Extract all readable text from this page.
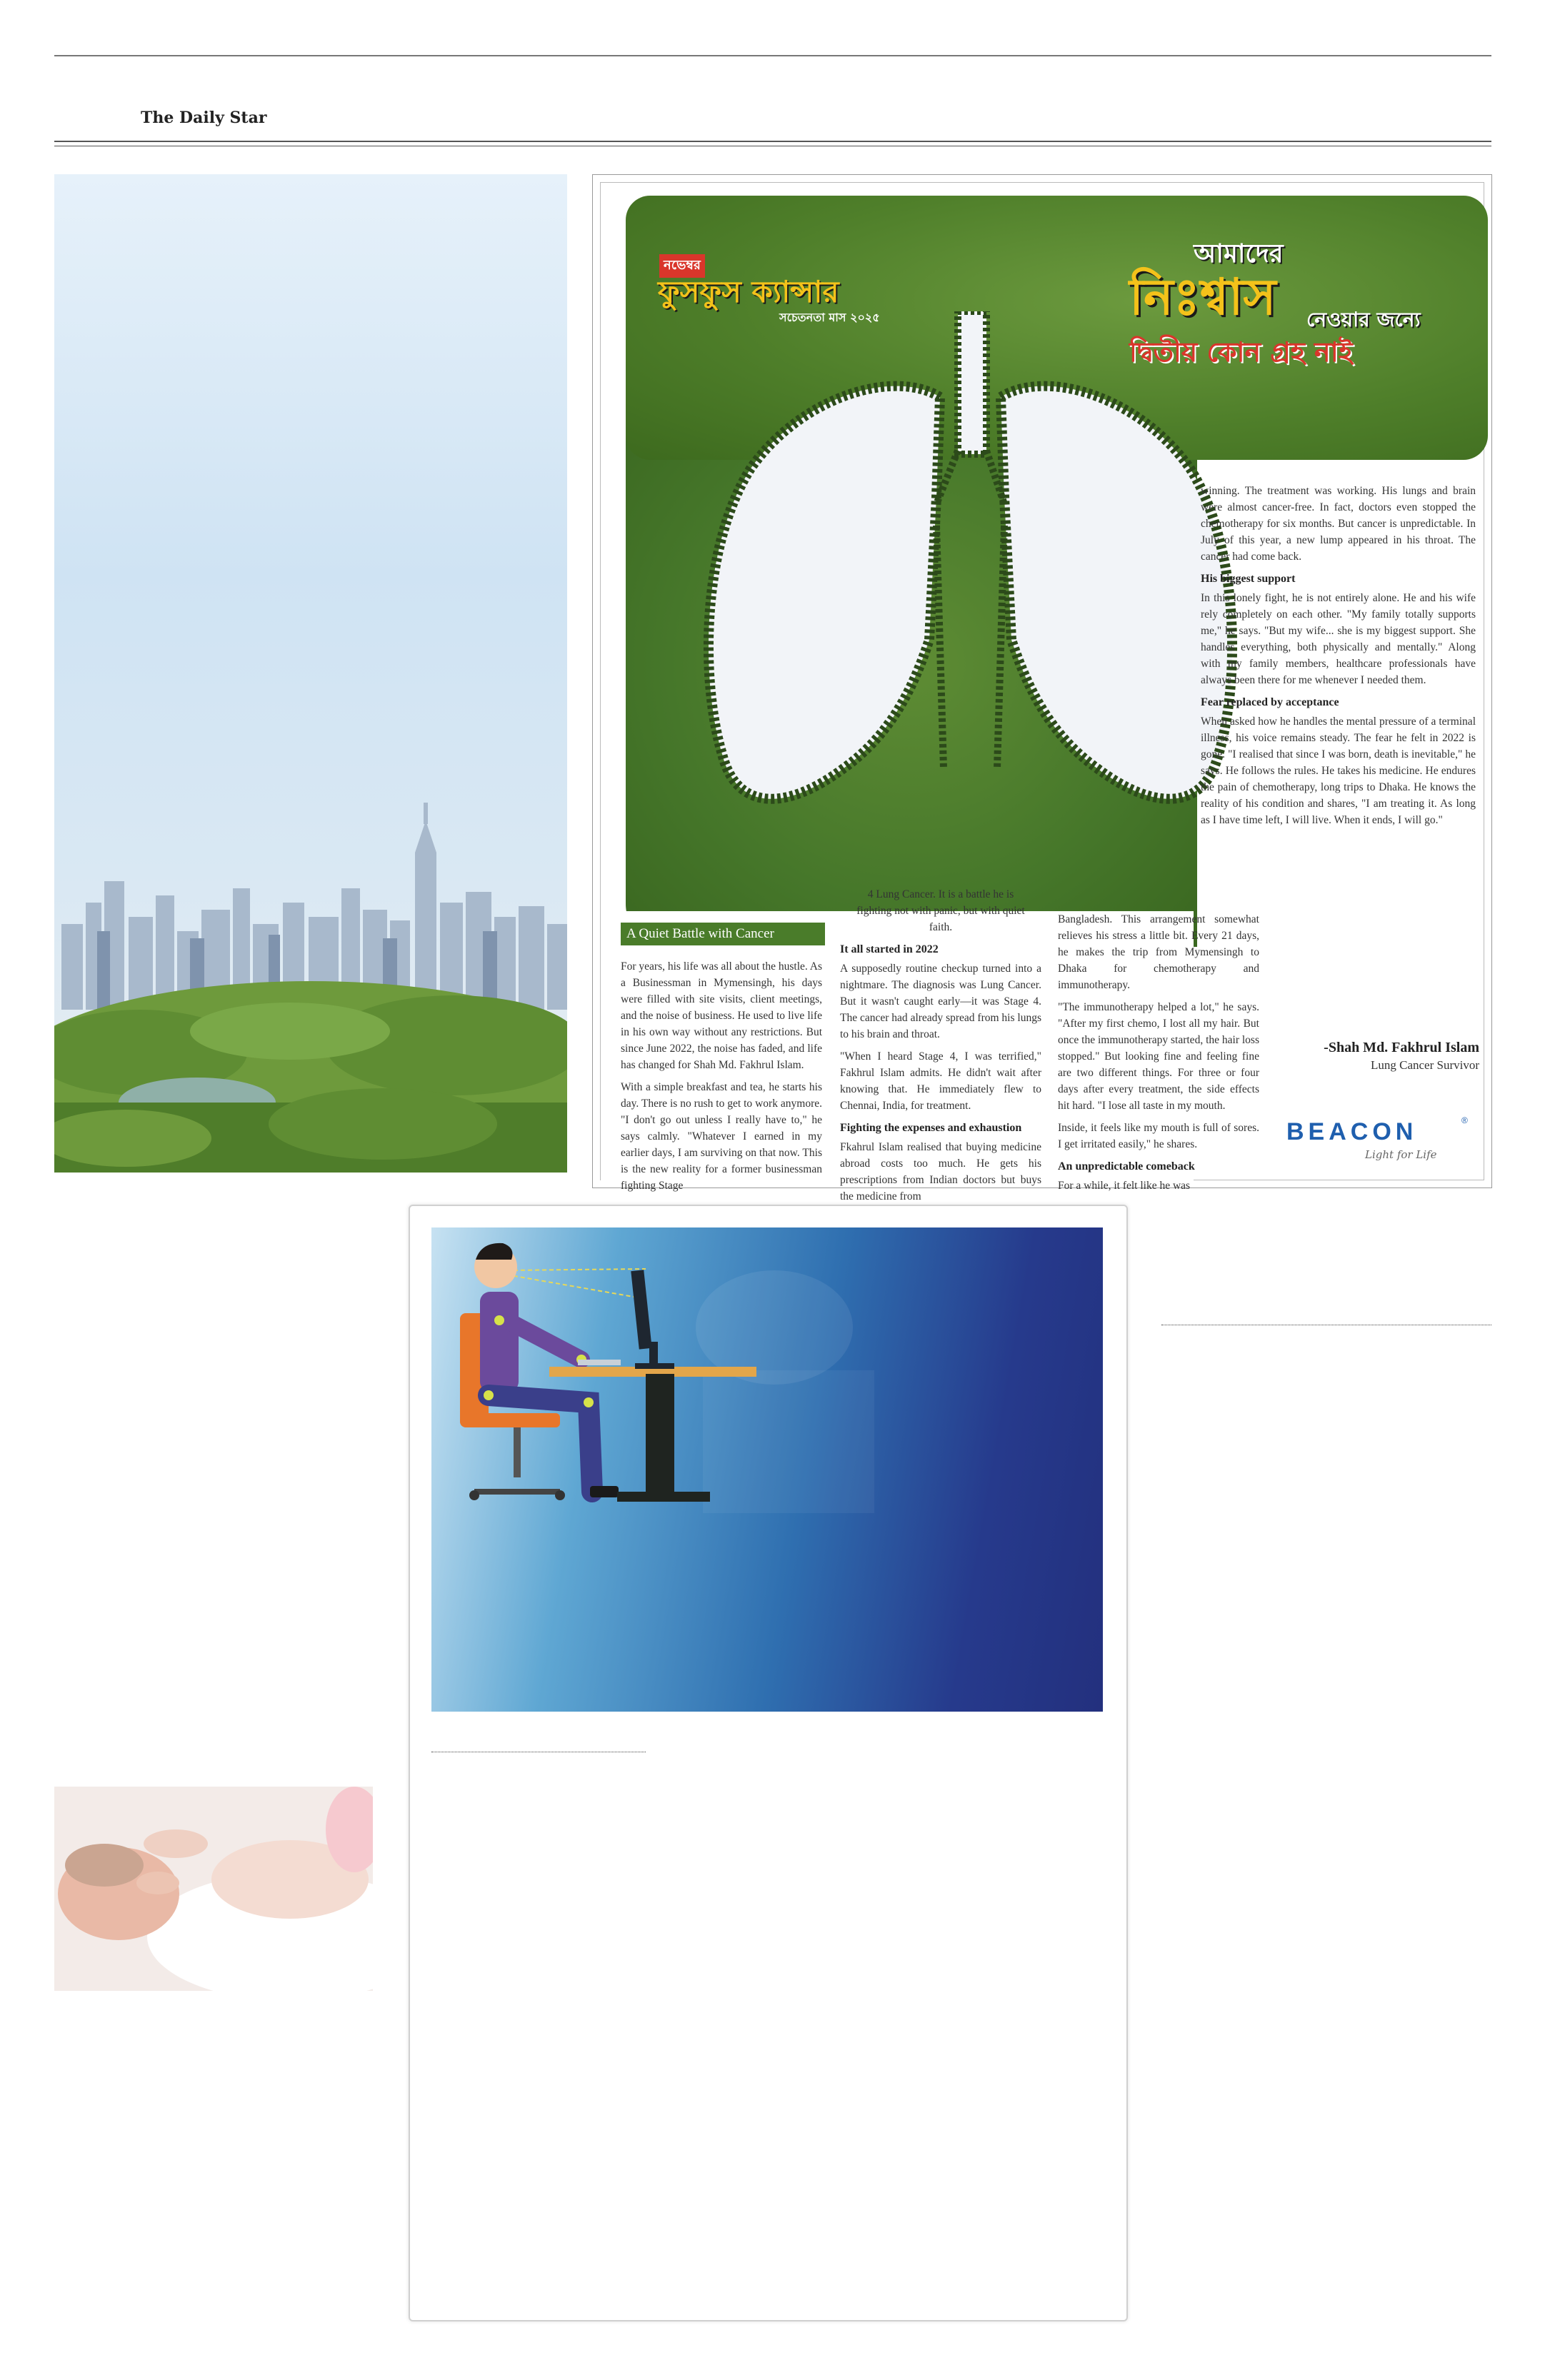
The Daily Star
নভেম্বর
ফুসফুস ক্যান্সার
সচেতনতা মাস ২০২৫
আমাদের
নিঃশ্বাস নেওয়ার জন্যে
দ্বিতীয় কোন গ্রহ নাই

winning. The treatment was working. His lungs and brain were almost cancer-free. In fact, doctors even stopped the chemotherapy for six months. But cancer is unpredictable. In July of this year, a new lump appeared in his throat. The cancer had come back.

His biggest support

In this lonely fight, he is not entirely alone. He and his wife rely completely on each other. "My family totally supports me," he says. "But my wife... she is my biggest support. She handles everything, both physically and mentally." Along with my family members, healthcare professionals have always been there for me whenever I needed them.

Fear replaced by acceptance

When asked how he handles the mental pressure of a terminal illness, his voice remains steady. The fear he felt in 2022 is gone. "I realised that since I was born, death is inevitable," he says. He follows the rules. He takes his medicine. He endures the pain of chemotherapy, long trips to Dhaka. He knows the reality of his condition and shares, "I am treating it. As long as I have time left, I will live. When it ends, I will go."

A Quiet Battle with Cancer

For years, his life was all about the hustle. As a Businessman in Mymensingh, his days were filled with site visits, client meetings, and the noise of business. He used to live life in his own way without any restrictions. But since June 2022, the noise has faded, and life has changed for Shah Md. Fakhrul Islam.

With a simple breakfast and tea, he starts his day. There is no rush to get to work anymore. "I don't go out unless I really have to," he says calmly. "Whatever I earned in my earlier days, I am surviving on that now. This is the new reality for a former businessman fighting Stage

4 Lung Cancer. It is a battle he is fighting not with panic, but with quiet faith.

It all started in 2022

A supposedly routine checkup turned into a nightmare. The diagnosis was Lung Cancer. But it wasn't caught early—it was Stage 4. The cancer had already spread from his lungs to his brain and throat.

"When I heard Stage 4, I was terrified," Fakhrul Islam admits. He didn't wait after knowing that. He immediately flew to Chennai, India, for treatment.

Fighting the expenses and exhaustion

Fkahrul Islam realised that buying medicine abroad costs too much. He gets his prescriptions from Indian doctors but buys the medicine from

Bangladesh. This arrangement somewhat relieves his stress a little bit. Every 21 days, he makes the trip from Mymensingh to Dhaka for chemotherapy and immunotherapy.

"The immunotherapy helped a lot," he says. "After my first chemo, I lost all my hair. But once the immunotherapy started, the hair loss stopped." But looking fine and feeling fine are two different things. For three or four days after every treatment, the side effects hit hard. "I lose all taste in my mouth.

Inside, it feels like my mouth is full of sores. I get irritated easily," he shares.

An unpredictable comeback

For a while, it felt like he was

-Shah Md. Fakhrul Islam
Lung Cancer Survivor
BEACON	®
Light for Life
